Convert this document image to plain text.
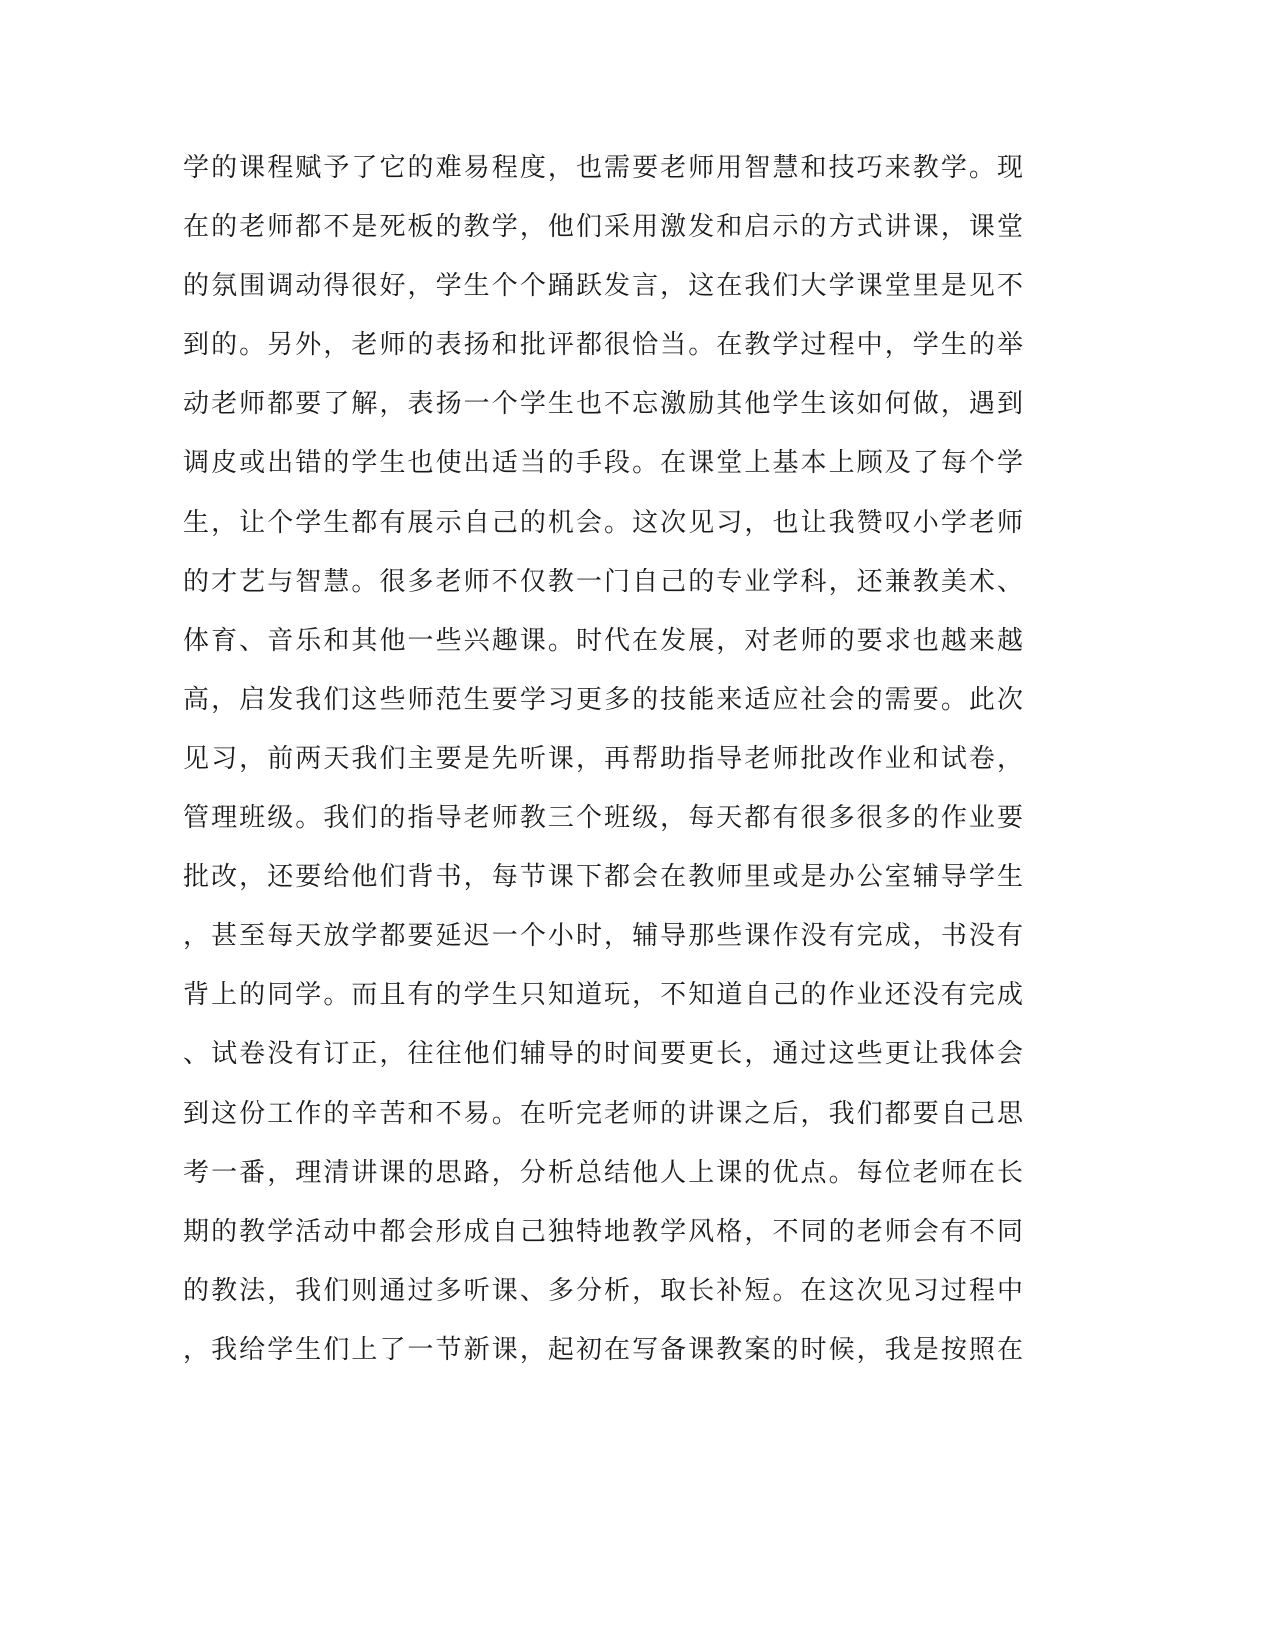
学的课程赋予了它的难易程度，也需要老师用智慧和技巧来教学。现
在的老师都不是死板的教学，他们采用激发和启示的方式讲课，课堂
的氛围调动得很好，学生个个踊跃发言，这在我们大学课堂里是见不
到的。另外，老师的表扬和批评都很恰当。在教学过程中，学生的举
动老师都要了解，表扬一个学生也不忘激励其他学生该如何做，遇到
调皮或出错的学生也使出适当的手段。在课堂上基本上顾及了每个学
生，让个学生都有展示自己的机会。这次见习，也让我赞叹小学老师
的才艺与智慧。很多老师不仅教一门自己的专业学科，还兼教美术、
体育、音乐和其他一些兴趣课。时代在发展，对老师的要求也越来越
高，启发我们这些师范生要学习更多的技能来适应社会的需要。此次
见习，前两天我们主要是先听课，再帮助指导老师批改作业和试卷，
管理班级。我们的指导老师教三个班级，每天都有很多很多的作业要
批改，还要给他们背书，每节课下都会在教师里或是办公室辅导学生
，甚至每天放学都要延迟一个小时，辅导那些课作没有完成，书没有
背上的同学。而且有的学生只知道玩，不知道自己的作业还没有完成
、试卷没有订正，往往他们辅导的时间要更长，通过这些更让我体会
到这份工作的辛苦和不易。在听完老师的讲课之后，我们都要自己思
考一番，理清讲课的思路，分析总结他人上课的优点。每位老师在长
期的教学活动中都会形成自己独特地教学风格，不同的老师会有不同
的教法，我们则通过多听课、多分析，取长补短。在这次见习过程中
，我给学生们上了一节新课，起初在写备课教案的时候，我是按照在
